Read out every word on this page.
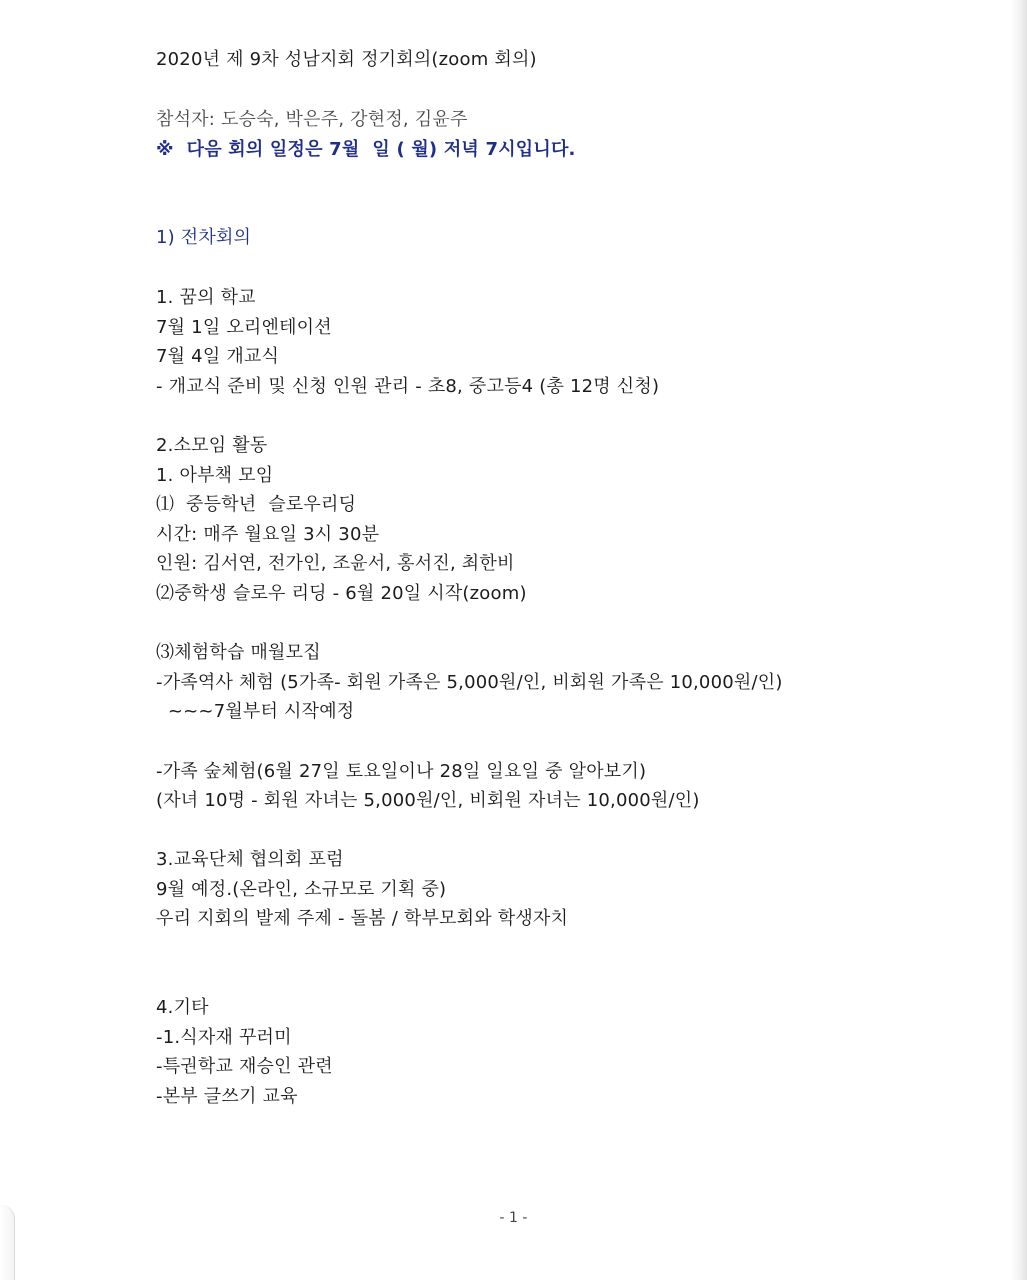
2020년 제 9차 성남지회 정기회의(zoom 회의)
참석자: 도승숙, 박은주, 강현정, 김윤주
※  다음 회의 일정은 7월  일 ( 월) 저녁 7시입니다.
1) 전차회의
1. 꿈의 학교
7월 1일 오리엔테이션
7월 4일 개교식
- 개교식 준비 및 신청 인원 관리 - 초8, 중고등4 (총 12명 신청)
2.소모임 활동
1. 아부책 모임
⑴  중등학년  슬로우리딩
시간: 매주 월요일 3시 30분
인원: 김서연, 전가인, 조윤서, 홍서진, 최한비
⑵중학생 슬로우 리딩 - 6월 20일 시작(zoom)
⑶체험학습 매월모집
-가족역사 체험 (5가족- 회원 가족은 5,000원/인, 비회원 가족은 10,000원/인)
~~~7월부터 시작예정
-가족 숲체험(6월 27일 토요일이나 28일 일요일 중 알아보기)
(자녀 10명 - 회원 자녀는 5,000원/인, 비회원 자녀는 10,000원/인)
3.교육단체 협의회 포럼
9월 예정.(온라인, 소규모로 기획 중)
우리 지회의 발제 주제 - 돌봄 / 학부모회와 학생자치
4.기타
-1.식자재 꾸러미
-특권학교 재승인 관련
-본부 글쓰기 교육
- 1 -
